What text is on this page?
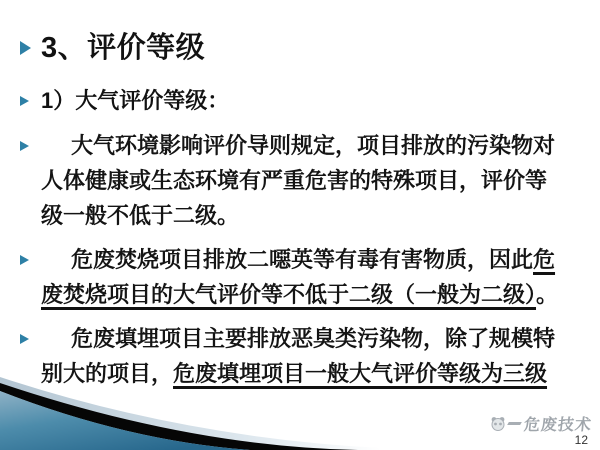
3、评价等级
1）大气评价等级：

大气环境影响评价导则规定，项目排放的污染物对人体健康或生态环境有严重危害的特殊项目，评价等级一般不低于二级。

危废焚烧项目排放二噁英等有毒有害物质，因此危废焚烧项目的大气评价等不低于二级（一般为二级）。

危废填埋项目主要排放恶臭类污染物，除了规模特别大的项目，危废填埋项目一般大气评价等级为三级

危废技术
12
